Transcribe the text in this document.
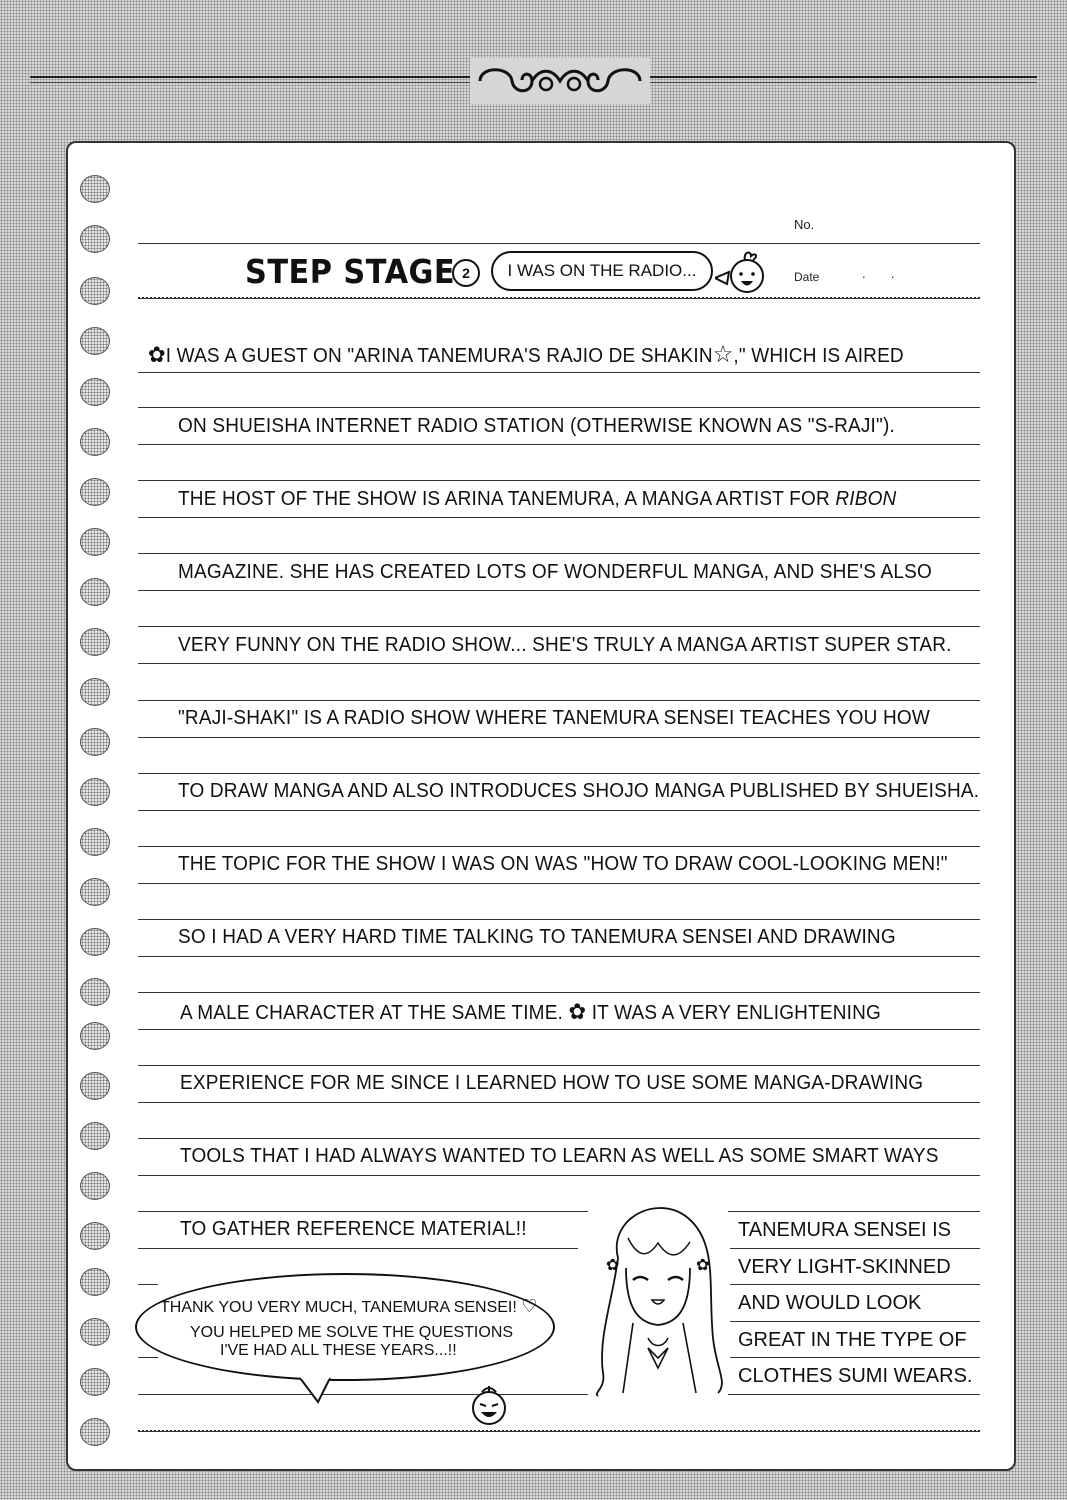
No.
Date	.       .
STEP STAGE 2	I WAS ON THE RADIO...
✿I WAS A GUEST ON "ARINA TANEMURA'S RAJIO DE SHAKIN☆," WHICH IS AIRED
ON SHUEISHA INTERNET RADIO STATION (OTHERWISE KNOWN AS "S-RAJI").
THE HOST OF THE SHOW IS ARINA TANEMURA, A MANGA ARTIST FOR RIBON
MAGAZINE. SHE HAS CREATED LOTS OF WONDERFUL MANGA, AND SHE'S ALSO
VERY FUNNY ON THE RADIO SHOW... SHE'S TRULY A MANGA ARTIST SUPER STAR.
"RAJI-SHAKI" IS A RADIO SHOW WHERE TANEMURA SENSEI TEACHES YOU HOW
TO DRAW MANGA AND ALSO INTRODUCES SHOJO MANGA PUBLISHED BY SHUEISHA.
THE TOPIC FOR THE SHOW I WAS ON WAS "HOW TO DRAW COOL-LOOKING MEN!"
SO I HAD A VERY HARD TIME TALKING TO TANEMURA SENSEI AND DRAWING
A MALE CHARACTER AT THE SAME TIME. ✿ IT WAS A VERY ENLIGHTENING
EXPERIENCE FOR ME SINCE I LEARNED HOW TO USE SOME MANGA-DRAWING
TOOLS THAT I HAD ALWAYS WANTED TO LEARN AS WELL AS SOME SMART WAYS
TO GATHER REFERENCE MATERIAL!!
✿	✿
TANEMURA SENSEI IS
VERY LIGHT-SKINNED
AND WOULD LOOK
GREAT IN THE TYPE OF
CLOTHES SUMI WEARS.
THANK YOU VERY MUCH, TANEMURA SENSEI! ♡
YOU HELPED ME SOLVE THE QUESTIONS
I'VE HAD ALL THESE YEARS...!!
